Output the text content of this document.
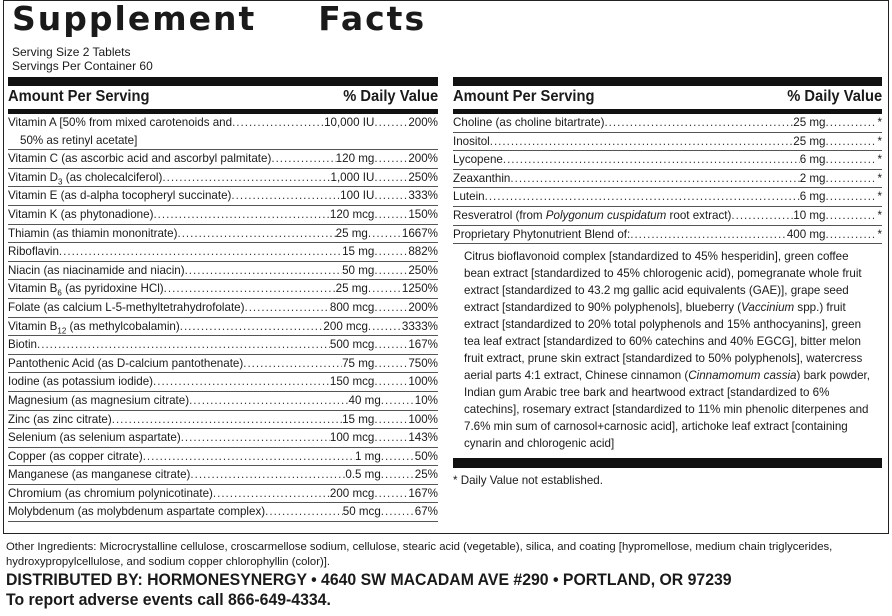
Supplement Facts
Serving Size 2 Tablets
Servings Per Container 60
Amount Per Serving	% Daily Value
Vitamin A [50% from mixed carotenoids and .....	10,000 IU .....	200%
50% as retinyl acetate]
Vitamin C (as ascorbic acid and ascorbyl palmitate) .....	120 mg .....	200%
Vitamin $D_3$ (as cholecalciferol) .....	1,000 IU .....	250%
Vitamin E (as d-alpha tocopheryl succinate) .....	100 IU .....	333%
Vitamin K (as phytonadione) .....	120 mcg .....	150%
Thiamin (as thiamin mononitrate) .....	25 mg .....	1667%
Riboflavin .....	15 mg .....	882%
Niacin (as niacinamide and niacin) .....	50 mg .....	250%
Vitamin $B_6$ (as pyridoxine HCl) .....	25 mg .....	1250%
Folate (as calcium L-5-methyltetrahydrofolate) .....	800 mcg .....	200%
Vitamin $B_{12}$ (as methylcobalamin) .....	200 mcg .....	3333%
Biotin .....	500 mcg .....	167%
Pantothenic Acid (as D-calcium pantothenate) .....	75 mg .....	750%
Iodine (as potassium iodide) .....	150 mcg .....	100%
Magnesium (as magnesium citrate) .....	40 mg .....	10%
Zinc (as zinc citrate) .....	15 mg .....	100%
Selenium (as selenium aspartate) .....	100 mcg .....	143%
Copper (as copper citrate) .....	1 mg .....	50%
Manganese (as manganese citrate) .....	0.5 mg .....	25%
Chromium (as chromium polynicotinate) .....	200 mcg .....	167%
Molybdenum (as molybdenum aspartate complex) .....	50 mcg .....	67%
Amount Per Serving	% Daily Value
Choline (as choline bitartrate) .....	25 mg .....	*
Inositol .....	25 mg .....	*
Lycopene .....	6 mg .....	*
Zeaxanthin .....	2 mg .....	*
Lutein .....	6 mg .....	*
Resveratrol (from Polygonum cuspidatum root extract) .....	10 mg .....	*
Proprietary Phytonutrient Blend of: .....	400 mg .....	*
Citrus bioflavonoid complex [standardized to 45% hesperidin], green coffee bean extract [standardized to 45% chlorogenic acid), pomegranate whole fruit extract [standardized to 43.2 mg gallic acid equivalents (GAE)], grape seed extract [standardized to 90% polyphenols], blueberry (Vaccinium spp.) fruit extract [standardized to 20% total polyphenols and 15% anthocyanins], green tea leaf extract [standardized to 60% catechins and 40% EGCG], bitter melon fruit extract, prune skin extract [standardized to 50% polyphenols], watercress aerial parts 4:1 extract, Chinese cinnamon (Cinnamomum cassia) bark powder, Indian gum Arabic tree bark and heartwood extract [standardized to 6% catechins], rosemary extract [standardized to 11% min phenolic diterpenes and 7.6% min sum of carnosol+carnosic acid], artichoke leaf extract [containing cynarin and chlorogenic acid]
* Daily Value not established.
Other Ingredients: Microcrystalline cellulose, croscarmellose sodium, cellulose, stearic acid (vegetable), silica, and coating [hypromellose, medium chain triglycerides, hydroxypropylcellulose, and sodium copper chlorophyllin (color)].
DISTRIBUTED BY: HORMONESYNERGY • 4640 SW MACADAM AVE #290 • PORTLAND, OR 97239
To report adverse events call 866-649-4334.
